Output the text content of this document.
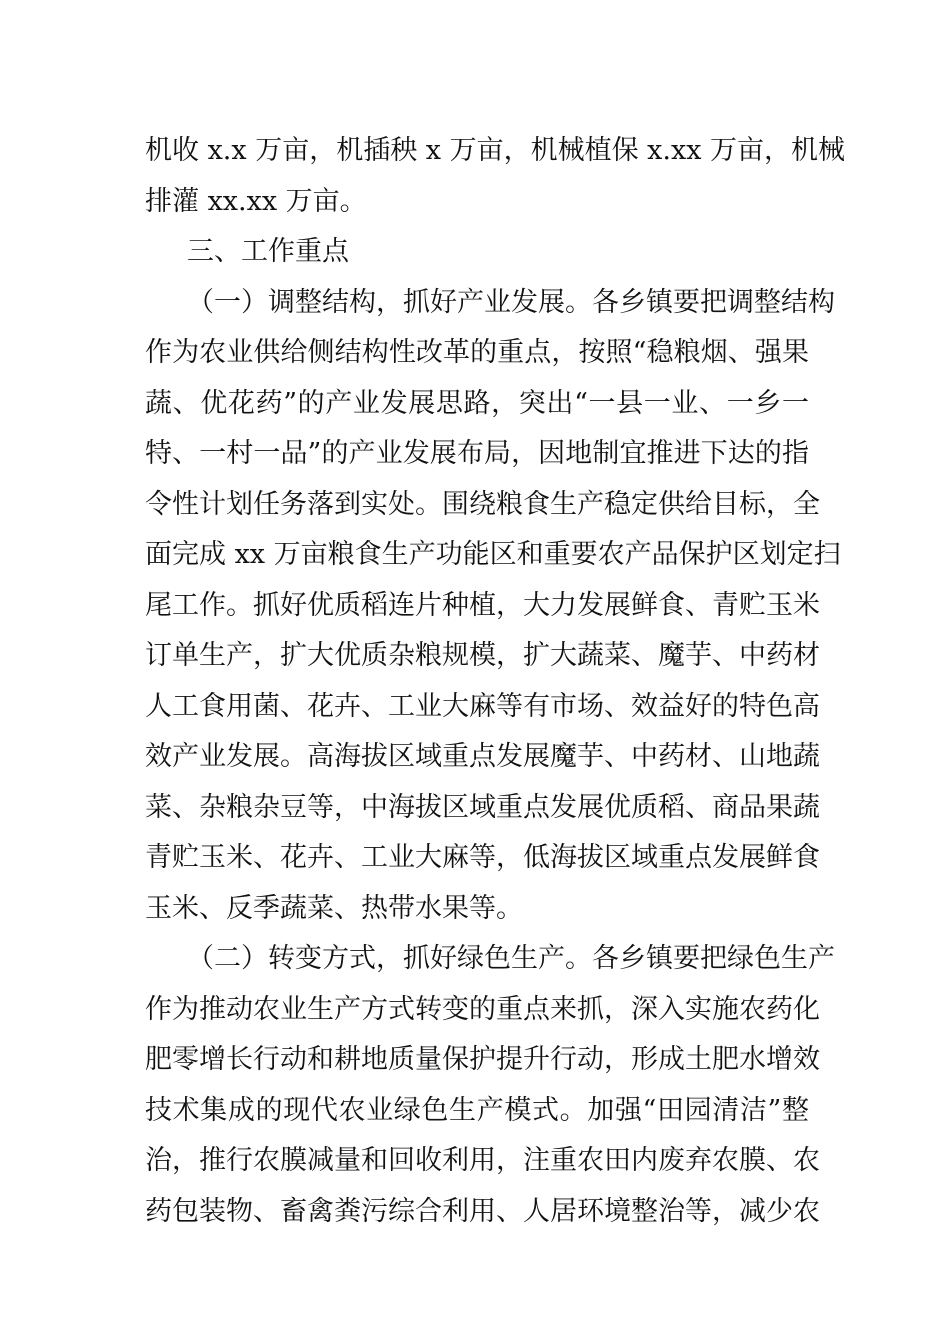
机收 x.x 万亩，机插秧 x 万亩，机械植保 x.xx 万亩，机械
排灌 xx.xx 万亩。
三、工作重点
（一）调整结构，抓好产业发展。各乡镇要把调整结构
作为农业供给侧结构性改革的重点，按照“稳粮烟、强果
蔬、优花药”的产业发展思路，突出“一县一业、一乡一
特、一村一品”的产业发展布局，因地制宜推进下达的指
令性计划任务落到实处。围绕粮食生产稳定供给目标，全
面完成 xx 万亩粮食生产功能区和重要农产品保护区划定扫
尾工作。抓好优质稻连片种植，大力发展鲜食、青贮玉米
订单生产，扩大优质杂粮规模，扩大蔬菜、魔芋、中药材
人工食用菌、花卉、工业大麻等有市场、效益好的特色高
效产业发展。高海拔区域重点发展魔芋、中药材、山地蔬
菜、杂粮杂豆等，中海拔区域重点发展优质稻、商品果蔬
青贮玉米、花卉、工业大麻等，低海拔区域重点发展鲜食
玉米、反季蔬菜、热带水果等。
（二）转变方式，抓好绿色生产。各乡镇要把绿色生产
作为推动农业生产方式转变的重点来抓，深入实施农药化
肥零增长行动和耕地质量保护提升行动，形成土肥水增效
技术集成的现代农业绿色生产模式。加强“田园清洁”整
治，推行农膜减量和回收利用，注重农田内废弃农膜、农
药包装物、畜禽粪污综合利用、人居环境整治等，减少农
